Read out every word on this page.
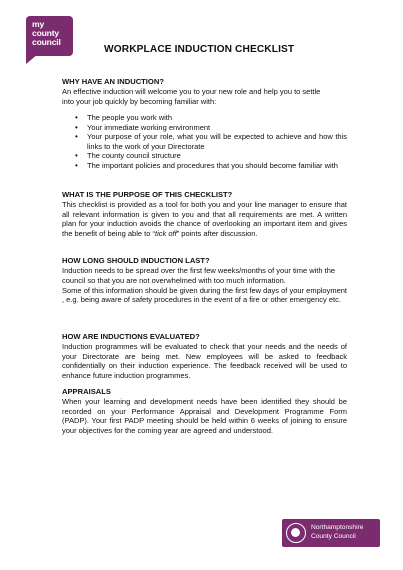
my
county
council
WORKPLACE INDUCTION CHECKLIST
WHY HAVE AN INDUCTION?
An effective induction will welcome you to your new role and help you to settle
into your job quickly by becoming familiar with:
• The people you work with
• Your immediate working environment
• Your purpose of your role, what you will be expected to achieve and how this links to the work of your Directorate
• The county council structure
• The important policies and procedures that you should become familiar with
WHAT IS THE PURPOSE OF THIS CHECKLIST?
This checklist is provided as a tool for both you and your line manager to ensure that all relevant information is given to you and that all requirements are met. A written plan for your induction avoids the chance of overlooking an important item and gives the benefit of being able to “tick off” points after discussion.
HOW LONG SHOULD INDUCTION LAST?
Induction needs to be spread over the first few weeks/months of your time with the council so that you are not overwhelmed with too much information.
Some of this information should be given during the first few days of your employment , e.g. being aware of safety procedures in the event of a fire or other emergency etc.
HOW ARE INDUCTIONS EVALUATED?
Induction programmes will be evaluated to check that your needs and the needs of your Directorate are being met. New employees will be asked to feedback confidentially on their induction experience. The feedback received will be used to enhance future induction programmes.
APPRAISALS
When your learning and development needs have been identified they should be recorded on your Performance Appraisal and Development Programme Form (PADP). Your first PADP meeting should be held within 6 weeks of joining to ensure your objectives for the coming year are agreed and understood.
Northamptonshire
County Council
